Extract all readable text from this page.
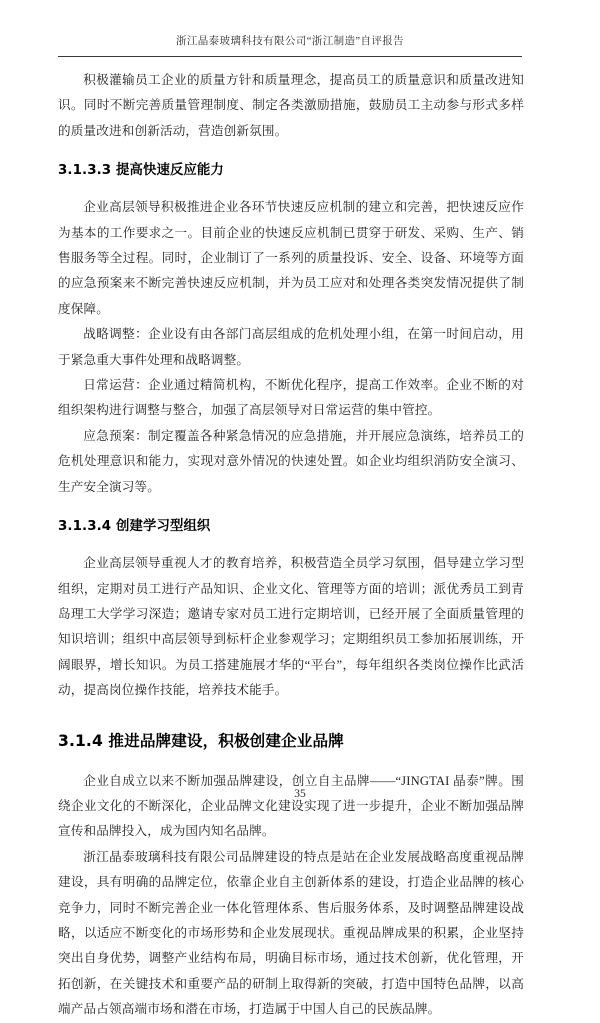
浙江晶泰玻璃科技有限公司“浙江制造”自评报告

积极灌输员工企业的质量方针和质量理念，提高员工的质量意识和质量改进知识。同时不断完善质量管理制度、制定各类激励措施，鼓励员工主动参与形式多样的质量改进和创新活动，营造创新氛围。

3.1.3.3 提高快速反应能力

企业高层领导积极推进企业各环节快速反应机制的建立和完善，把快速反应作为基本的工作要求之一。目前企业的快速反应机制已贯穿于研发、采购、生产、销售服务等全过程。同时，企业制订了一系列的质量投诉、安全、设备、环境等方面的应急预案来不断完善快速反应机制，并为员工应对和处理各类突发情况提供了制度保障。

战略调整：企业设有由各部门高层组成的危机处理小组，在第一时间启动，用于紧急重大事件处理和战略调整。

日常运营：企业通过精简机构，不断优化程序，提高工作效率。企业不断的对组织架构进行调整与整合，加强了高层领导对日常运营的集中管控。

应急预案：制定覆盖各种紧急情况的应急措施，并开展应急演练，培养员工的危机处理意识和能力，实现对意外情况的快速处置。如企业均组织消防安全演习、生产安全演习等。

3.1.3.4 创建学习型组织

企业高层领导重视人才的教育培养，积极营造全员学习氛围，倡导建立学习型组织，定期对员工进行产品知识、企业文化、管理等方面的培训；派优秀员工到青岛理工大学学习深造；邀请专家对员工进行定期培训，已经开展了全面质量管理的知识培训；组织中高层领导到标杆企业参观学习；定期组织员工参加拓展训练，开阔眼界，增长知识。为员工搭建施展才华的“平台”，每年组织各类岗位操作比武活动，提高岗位操作技能，培养技术能手。

3.1.4 推进品牌建设，积极创建企业品牌

企业自成立以来不断加强品牌建设，创立自主品牌——“JINGTAI 晶泰”牌。围绕企业文化的不断深化，企业品牌文化建设实现了进一步提升，企业不断加强品牌宣传和品牌投入，成为国内知名品牌。

浙江晶泰玻璃科技有限公司品牌建设的特点是站在企业发展战略高度重视品牌建设，具有明确的品牌定位，依靠企业自主创新体系的建设，打造企业品牌的核心竞争力，同时不断完善企业一体化管理体系、售后服务体系，及时调整品牌建设战略，以适应不断变化的市场形势和企业发展现状。重视品牌成果的积累，企业坚持突出自身优势，调整产业结构布局，明确目标市场，通过技术创新，优化管理，开拓创新，在关键技术和重要产品的研制上取得新的突破，打造中国特色品牌，以高端产品占领高端市场和潜在市场，打造属于中国人自己的民族品牌。

35
